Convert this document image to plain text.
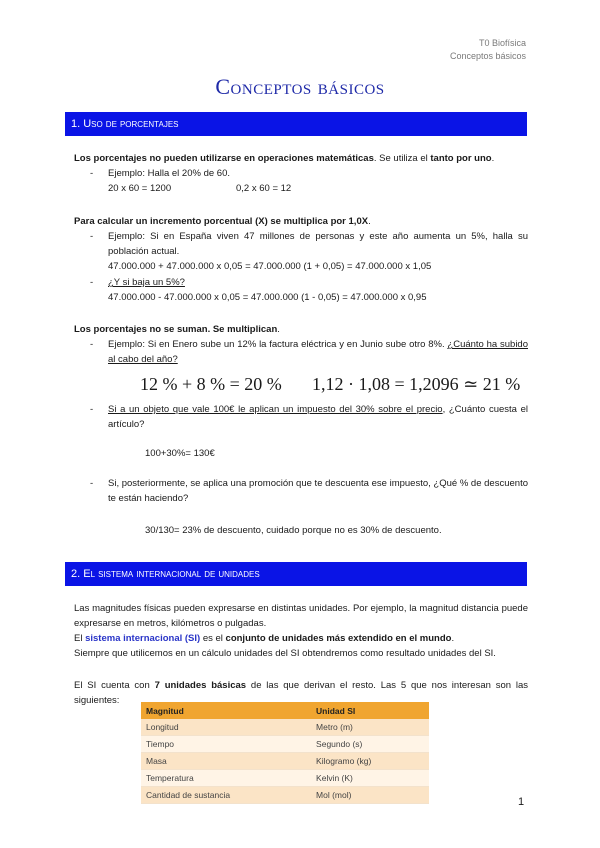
T0 Biofísica
Conceptos básicos
Conceptos básicos
1. Uso de porcentajes
Los porcentajes no pueden utilizarse en operaciones matemáticas. Se utiliza el tanto por uno.
-	Ejemplo: Halla el 20% de 60.
20 x 60 = 1200	0,2 x 60 = 12
Para calcular un incremento porcentual (X) se multiplica por 1,0X.
-	Ejemplo: Si en España viven 47 millones de personas y este año aumenta un 5%, halla su población actual.
47.000.000 + 47.000.000 x 0,05 = 47.000.000 (1 + 0,05) = 47.000.000 x 1,05
-	¿Y si baja un 5%?
47.000.000 - 47.000.000 x 0,05 = 47.000.000 (1 - 0,05) = 47.000.000 x 0,95
Los porcentajes no se suman. Se multiplican.
-	Ejemplo: Si en Enero sube un 12% la factura eléctrica y en Junio sube otro 8%. ¿Cuánto ha subido al cabo del año?
12 % + 8 % = 20 % 1,12 · 1,08 = 1,2096 ≃ 21 %
-	Si a un objeto que vale 100€ le aplican un impuesto del 30% sobre el precio, ¿Cuánto cuesta el artículo?
100+30%= 130€
-	Si, posteriormente, se aplica una promoción que te descuenta ese impuesto, ¿Qué % de descuento te están haciendo?
30/130= 23% de descuento, cuidado porque no es 30% de descuento.
2. El sistema internacional de unidades
Las magnitudes físicas pueden expresarse en distintas unidades. Por ejemplo, la magnitud distancia puede expresarse en metros, kilómetros o pulgadas.
El sistema internacional (SI) es el conjunto de unidades más extendido en el mundo.
Siempre que utilicemos en un cálculo unidades del SI obtendremos como resultado unidades del SI.
El SI cuenta con 7 unidades básicas de las que derivan el resto. Las 5 que nos interesan son las siguientes:
Magnitud	Unidad SI
Longitud	Metro (m)
Tiempo	Segundo (s)
Masa	Kilogramo (kg)
Temperatura	Kelvin (K)
Cantidad de sustancia	Mol (mol)
1
